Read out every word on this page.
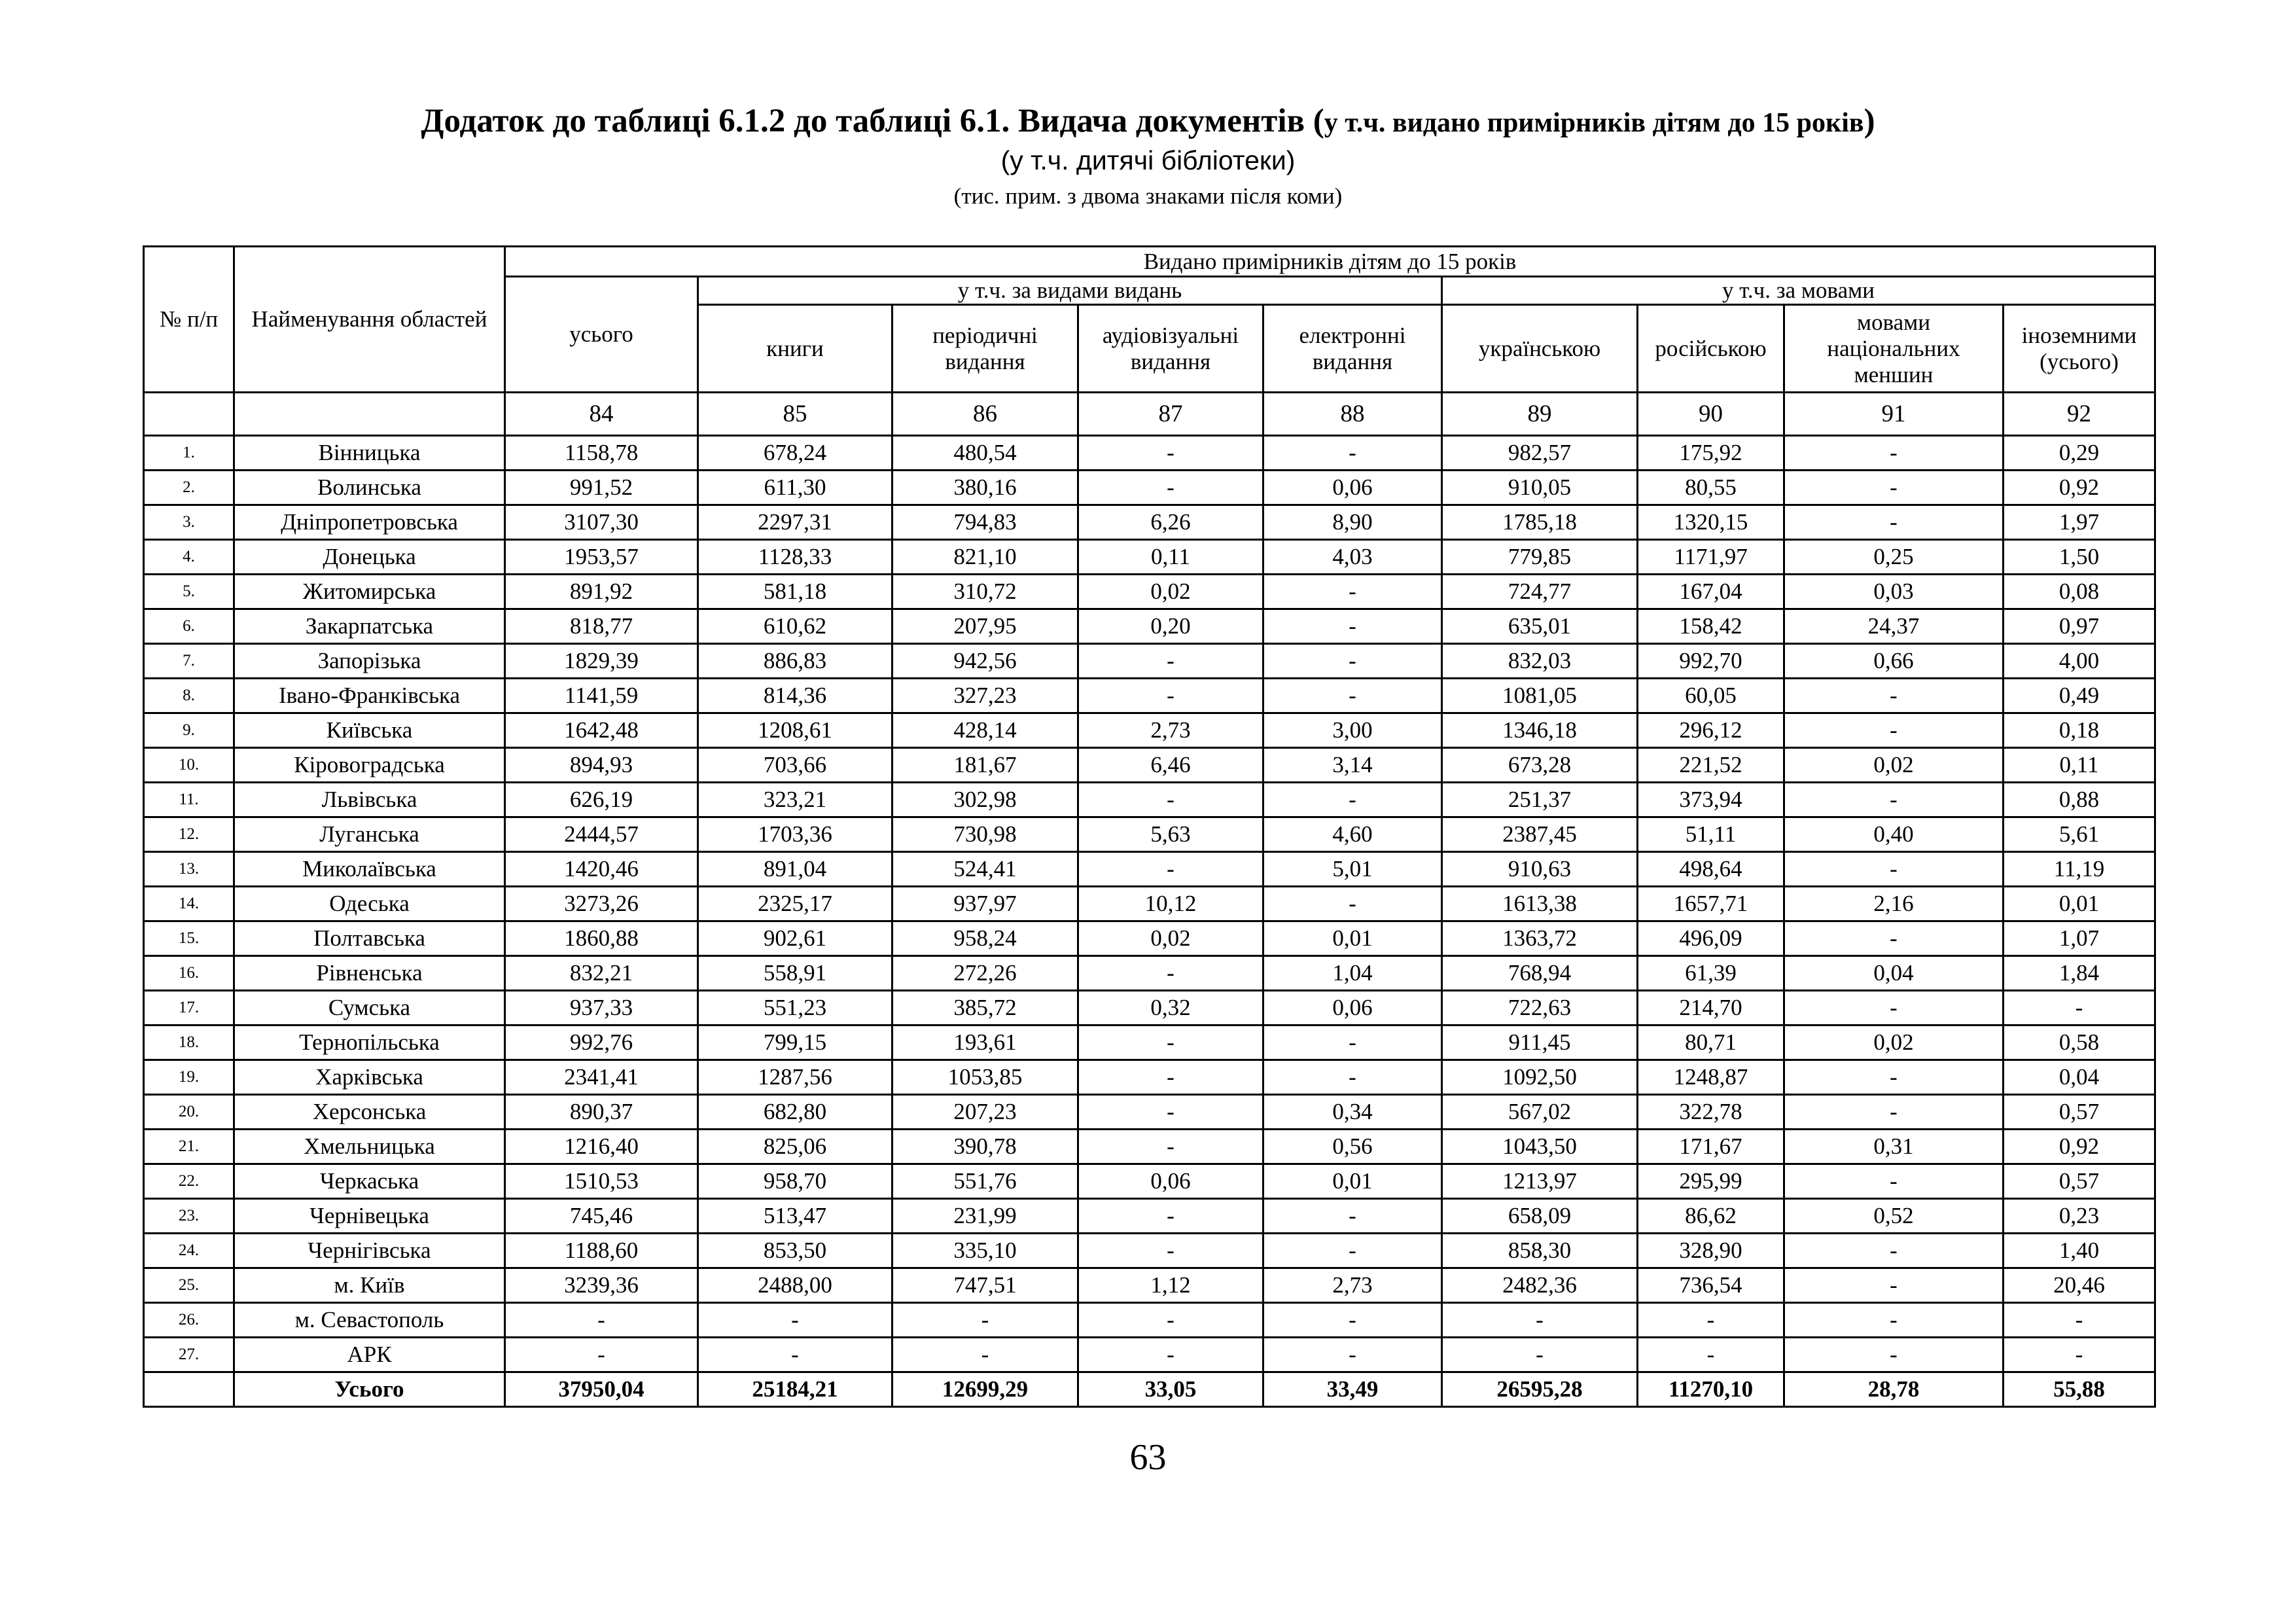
Додаток до таблиці 6.1.2 до таблиці 6.1. Видача документів (у т.ч. видано примірників дітям до 15 років)
(у т.ч. дитячі бібліотеки)
(тис. прим. з двома знаками після коми)
№ п/п	Найменування областей	Видано примірників дітям до 15 років								
		усього	у т.ч. за видами видань				у т.ч. за мовами			
			книги	періодичні видання	аудіовізуальні видання	електронні видання	українською	російською	мовами національних меншин	іноземними (усього)
		84	85	86	87	88	89	90	91	92
1.	Вінницька	1158,78	678,24	480,54	-	-	982,57	175,92	-	0,29
2.	Волинська	991,52	611,30	380,16	-	0,06	910,05	80,55	-	0,92
3.	Дніпропетровська	3107,30	2297,31	794,83	6,26	8,90	1785,18	1320,15	-	1,97
4.	Донецька	1953,57	1128,33	821,10	0,11	4,03	779,85	1171,97	0,25	1,50
5.	Житомирська	891,92	581,18	310,72	0,02	-	724,77	167,04	0,03	0,08
6.	Закарпатська	818,77	610,62	207,95	0,20	-	635,01	158,42	24,37	0,97
7.	Запорізька	1829,39	886,83	942,56	-	-	832,03	992,70	0,66	4,00
8.	Івано-Франківська	1141,59	814,36	327,23	-	-	1081,05	60,05	-	0,49
9.	Київська	1642,48	1208,61	428,14	2,73	3,00	1346,18	296,12	-	0,18
10.	Кіровоградська	894,93	703,66	181,67	6,46	3,14	673,28	221,52	0,02	0,11
11.	Львівська	626,19	323,21	302,98	-	-	251,37	373,94	-	0,88
12.	Луганська	2444,57	1703,36	730,98	5,63	4,60	2387,45	51,11	0,40	5,61
13.	Миколаївська	1420,46	891,04	524,41	-	5,01	910,63	498,64	-	11,19
14.	Одеська	3273,26	2325,17	937,97	10,12	-	1613,38	1657,71	2,16	0,01
15.	Полтавська	1860,88	902,61	958,24	0,02	0,01	1363,72	496,09	-	1,07
16.	Рівненська	832,21	558,91	272,26	-	1,04	768,94	61,39	0,04	1,84
17.	Сумська	937,33	551,23	385,72	0,32	0,06	722,63	214,70	-	-
18.	Тернопільська	992,76	799,15	193,61	-	-	911,45	80,71	0,02	0,58
19.	Харківська	2341,41	1287,56	1053,85	-	-	1092,50	1248,87	-	0,04
20.	Херсонська	890,37	682,80	207,23	-	0,34	567,02	322,78	-	0,57
21.	Хмельницька	1216,40	825,06	390,78	-	0,56	1043,50	171,67	0,31	0,92
22.	Черкаська	1510,53	958,70	551,76	0,06	0,01	1213,97	295,99	-	0,57
23.	Чернівецька	745,46	513,47	231,99	-	-	658,09	86,62	0,52	0,23
24.	Чернігівська	1188,60	853,50	335,10	-	-	858,30	328,90	-	1,40
25.	м. Київ	3239,36	2488,00	747,51	1,12	2,73	2482,36	736,54	-	20,46
26.	м. Севастополь	-	-	-	-	-	-	-	-	-
27.	АРК	-	-	-	-	-	-	-	-	-
	Усього	37950,04	25184,21	12699,29	33,05	33,49	26595,28	11270,10	28,78	55,88
63
